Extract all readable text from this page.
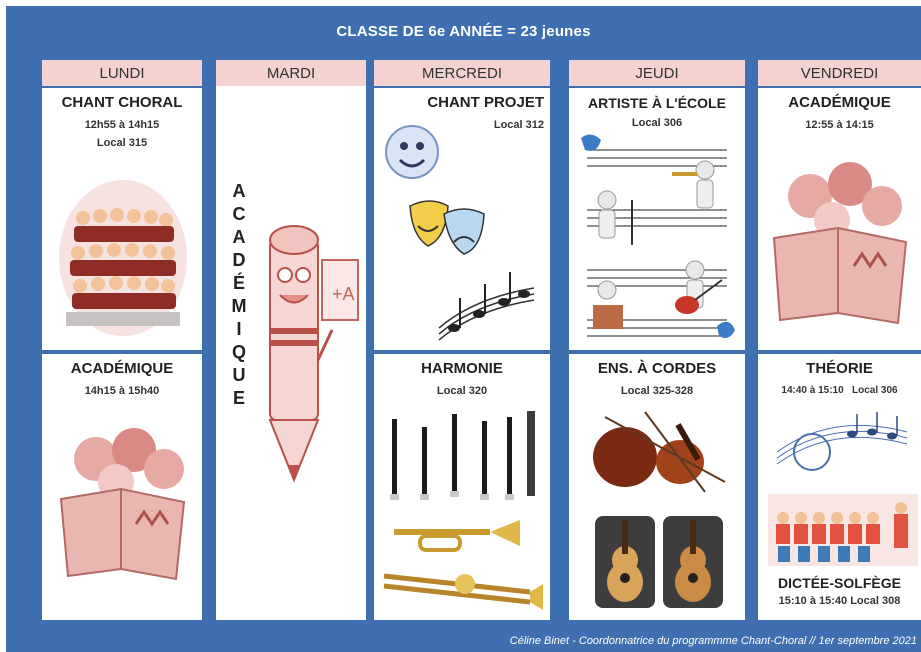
CLASSE DE 6e ANNÉE = 23 jeunes
LUNDI
CHANT CHORAL
12h55 à 14h15
Local 315
ACADÉMIQUE
14h15 à 15h40
MARDI
A
C
A
D
É
M
I
Q
U
E
+A
MERCREDI
CHANT PROJET
Local 312
HARMONIE
Local 320
JEUDI
ARTISTE À L'ÉCOLE
Local 306
ENS. À CORDES
Local 325-328
VENDREDI
ACADÉMIQUE
12:55 à 14:15
THÉORIE
14:40 à 15:10   Local 306
DICTÉE-SOLFÈGE
15:10 à 15:40 Local 308
Céline Binet - Coordonnatrice du programmme Chant-Choral // 1er septembre 2021
